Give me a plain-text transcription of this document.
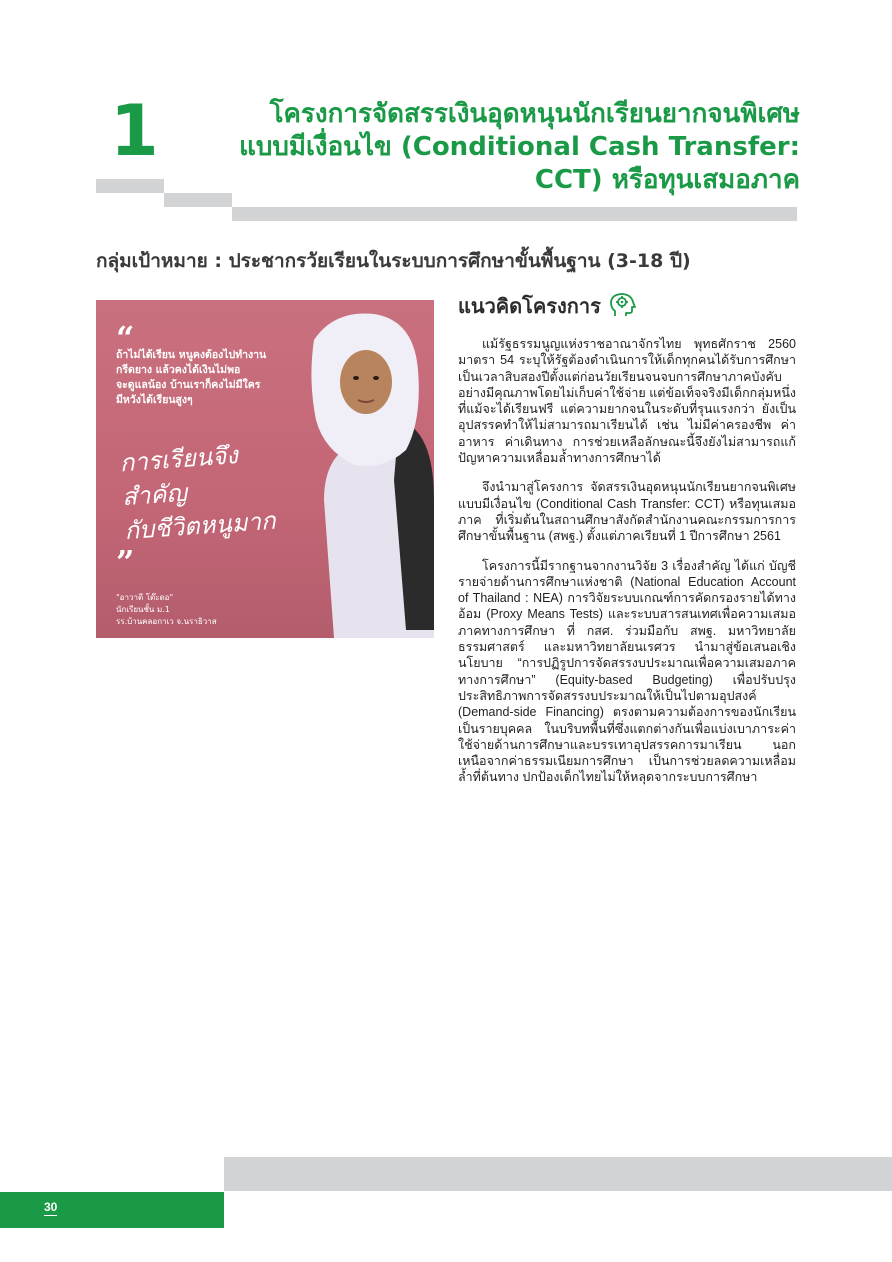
1	โครงการจัดสรรเงินอุดหนุนนักเรียนยากจนพิเศษ
แบบมีเงื่อนไข (Conditional Cash Transfer:
CCT) หรือทุนเสมอภาค
กลุ่มเป้าหมาย : ประชากรวัยเรียนในระบบการศึกษาขั้นพื้นฐาน (3-18 ปี)
“
ถ้าไม่ได้เรียน หนูคงต้องไปทำงาน
กรีดยาง แล้วคงได้เงินไม่พอ
จะดูแลน้อง บ้านเราก็คงไม่มีใคร
มีหวังได้เรียนสูงๆ
การเรียนจึง
สำคัญ
กับชีวิตหนูมาก
”
"อาวาตี โต๊ะดอ"
นักเรียนชั้น ม.1
รร.บ้านคลอกาเว จ.นราธิวาส
แนวคิดโครงการ

แม้รัฐธรรมนูญแห่งราชอาณาจักรไทย พุทธศักราช 2560 มาตรา 54 ระบุให้รัฐต้องดำเนินการให้เด็กทุกคนได้รับการศึกษาเป็นเวลาสิบสองปีตั้งแต่ก่อนวัยเรียนจนจบการศึกษาภาคบังคับอย่างมีคุณภาพโดยไม่เก็บค่าใช้จ่าย แต่ข้อเท็จจริงมีเด็กกลุ่มหนึ่งที่แม้จะได้เรียนฟรี แต่ความยากจนในระดับที่รุนแรงกว่า ยังเป็นอุปสรรคทำให้ไม่สามารถมาเรียนได้ เช่น ไม่มีค่าครองชีพ ค่าอาหาร ค่าเดินทาง การช่วยเหลือลักษณะนี้จึงยังไม่สามารถแก้ปัญหาความเหลื่อมล้ำทางการศึกษาได้

จึงนำมาสู่โครงการ จัดสรรเงินอุดหนุนนักเรียนยากจนพิเศษแบบมีเงื่อนไข (Conditional Cash Transfer: CCT) หรือทุนเสมอภาค ที่เริ่มต้นในสถานศึกษาสังกัดสำนักงานคณะกรรมการการศึกษาขั้นพื้นฐาน (สพฐ.) ตั้งแต่ภาคเรียนที่ 1 ปีการศึกษา 2561

โครงการนี้มีรากฐานจากงานวิจัย 3 เรื่องสำคัญ ได้แก่ บัญชีรายจ่ายด้านการศึกษาแห่งชาติ (National Education Account of Thailand : NEA) การวิจัยระบบเกณฑ์การคัดกรองรายได้ทางอ้อม (Proxy Means Tests) และระบบสารสนเทศเพื่อความเสมอภาคทางการศึกษา ที่ กสศ. ร่วมมือกับ สพฐ. มหาวิทยาลัยธรรมศาสตร์ และมหาวิทยาลัยนเรศวร นำมาสู่ข้อเสนอเชิงนโยบาย “การปฏิรูปการจัดสรรงบประมาณเพื่อความเสมอภาคทางการศึกษา” (Equity-based Budgeting) เพื่อปรับปรุงประสิทธิภาพการจัดสรรงบประมาณให้เป็นไปตามอุปสงค์ (Demand-side Financing) ตรงตามความต้องการของนักเรียนเป็นรายบุคคล ในบริบทพื้นที่ซึ่งแตกต่างกันเพื่อแบ่งเบาภาระค่าใช้จ่ายด้านการศึกษาและบรรเทาอุปสรรคการมาเรียน นอกเหนือจากค่าธรรมเนียมการศึกษา เป็นการช่วยลดความเหลื่อมล้ำที่ต้นทาง ปกป้องเด็กไทยไม่ให้หลุดจากระบบการศึกษา

30
